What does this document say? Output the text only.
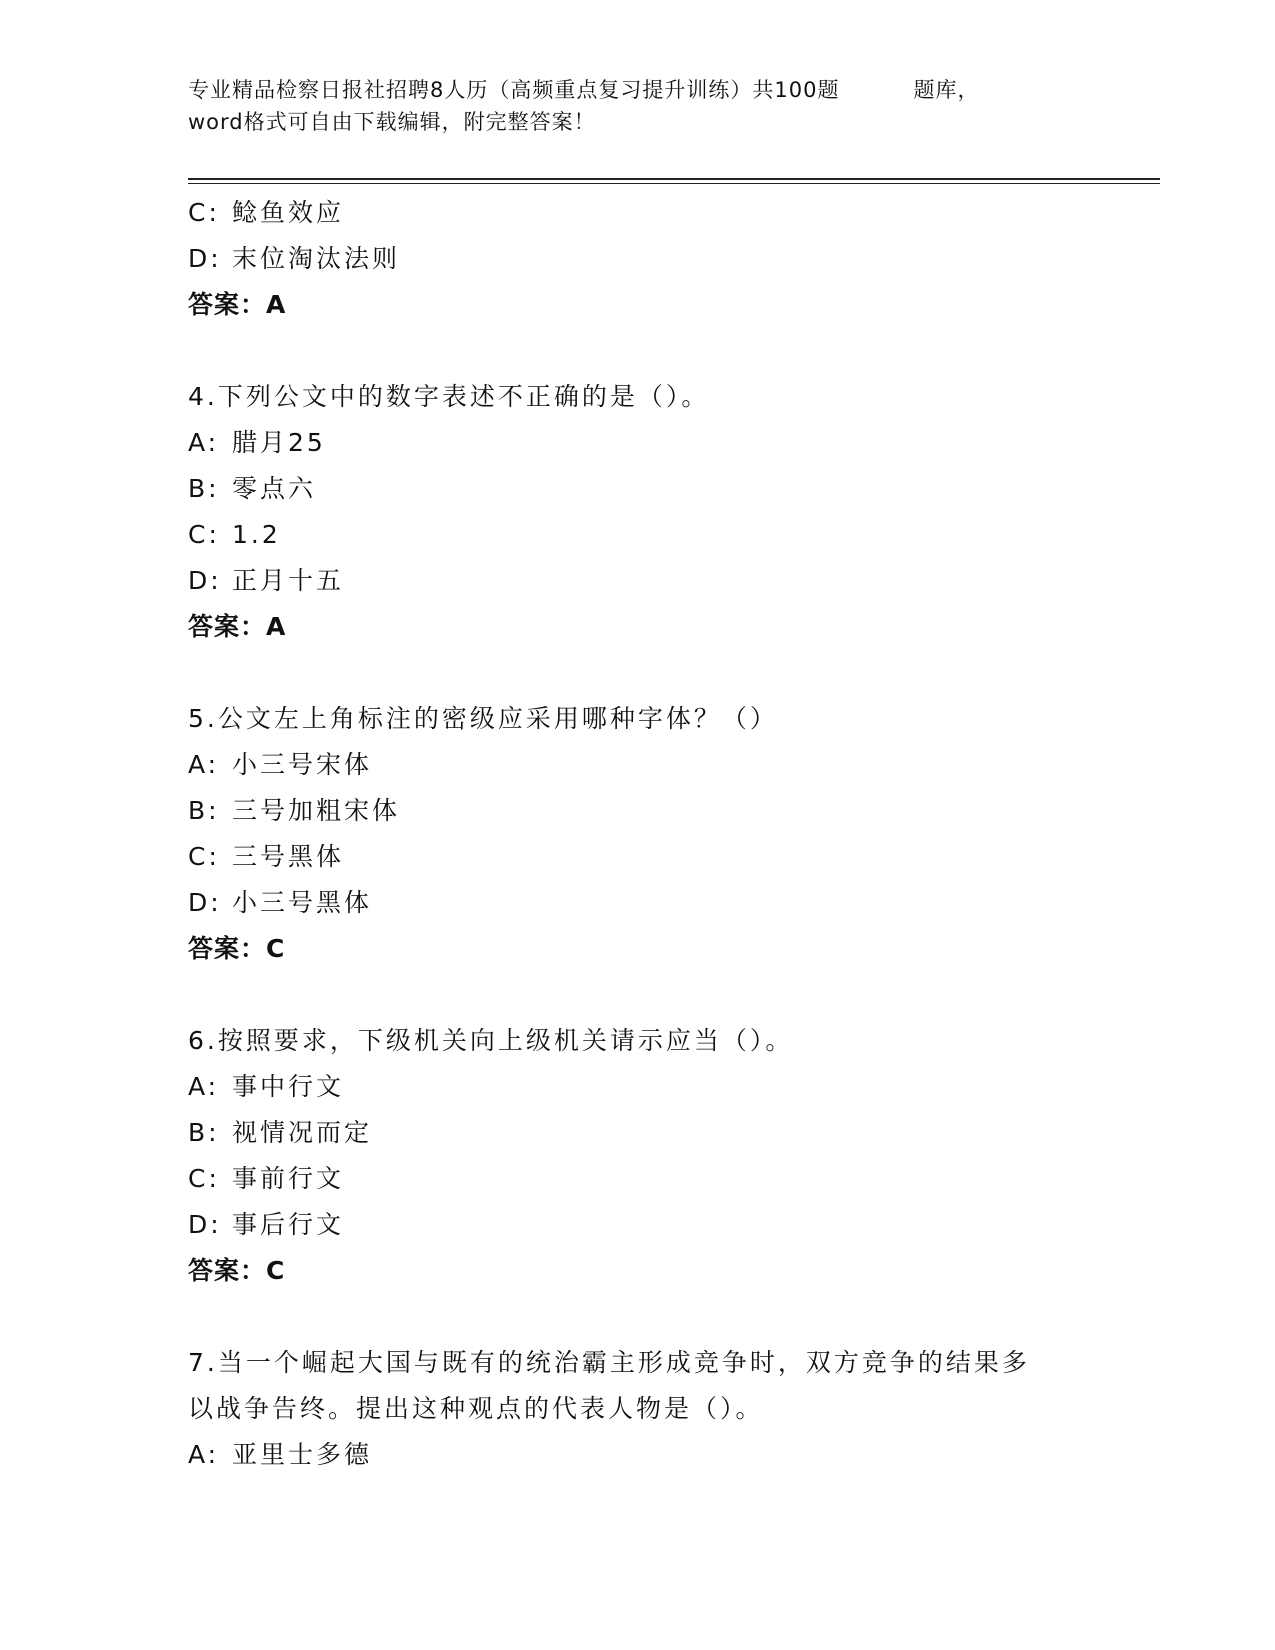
专业精品检察日报社招聘8人历（高频重点复习提升训练）共100题	题库，
word格式可自由下载编辑，附完整答案！
C: 鲶鱼效应
D: 末位淘汰法则
答案：A
4.下列公文中的数字表述不正确的是（）。
A: 腊月25
B: 零点六
C: 1.2
D: 正月十五
答案：A
5.公文左上角标注的密级应采用哪种字体？（）
A: 小三号宋体
B: 三号加粗宋体
C: 三号黑体
D: 小三号黑体
答案：C
6.按照要求，下级机关向上级机关请示应当（）。
A: 事中行文
B: 视情况而定
C: 事前行文
D: 事后行文
答案：C
7.当一个崛起大国与既有的统治霸主形成竞争时，双方竞争的结果多
以战争告终。提出这种观点的代表人物是（）。
A: 亚里士多德
